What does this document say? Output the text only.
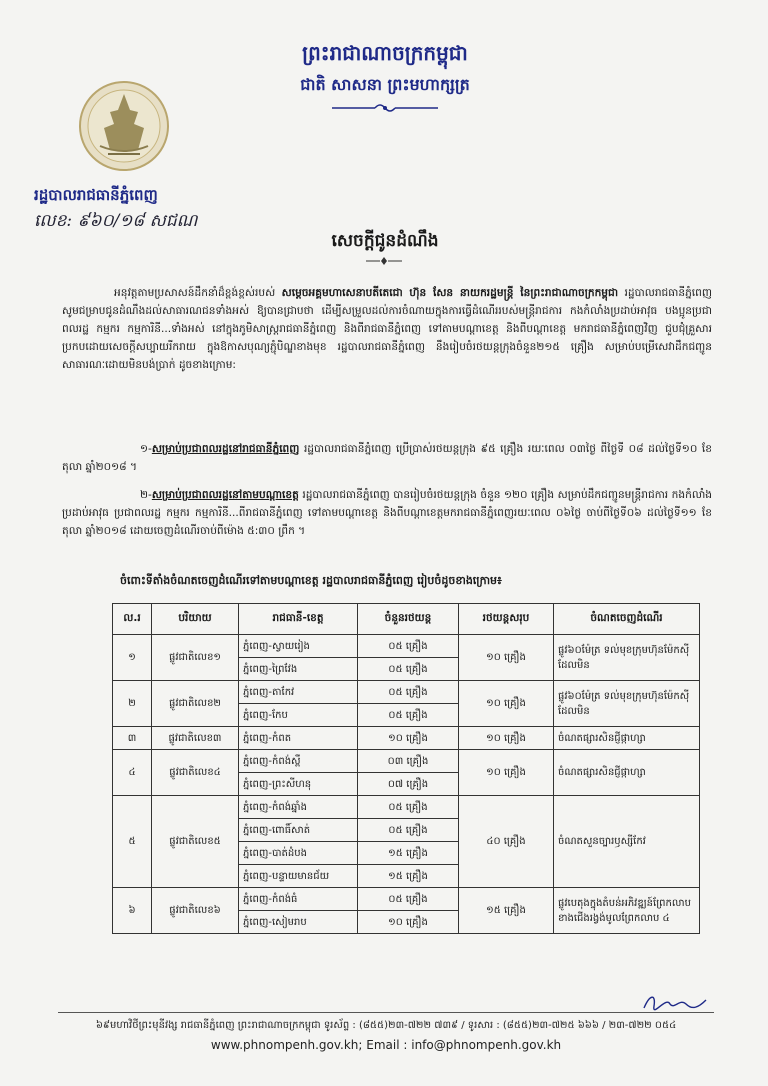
ព្រះរាជាណាចក្រកម្ពុជា
ជាតិ សាសនា ព្រះមហាក្សត្រ
រដ្ឋបាលរាជធានីភ្នំពេញ
លេខ: ៩៦០/១៨ សជណ
សេចក្ដីជូនដំណឹង
អនុវត្តតាមប្រសាសន៍ដឹកនាំដ៏ខ្ពង់ខ្ពស់របស់ សម្ដេចអគ្គមហាសេនាបតីតេជោ ហ៊ុន សែន នាយករដ្ឋមន្ត្រី នៃព្រះរាជាណាចក្រកម្ពុជា រដ្ឋបាលរាជធានីភ្នំពេញ សូមជម្រាបជូនដំណឹងដល់សាធារណជនទាំងអស់ ឱ្យបានជ្រាបថា ដើម្បីសម្រួលដល់ការចំណាយក្នុងការធ្វើដំណើររបស់មន្ត្រីរាជការ កងកំលាំងប្រដាប់អាវុធ បងប្អូនប្រជាពលរដ្ឋ កម្មករ កម្មការិនី...ទាំងអស់ នៅក្នុងភូមិសាស្ត្ររាជធានីភ្នំពេញ និងពីរាជធានីភ្នំពេញ ទៅតាមបណ្ដាខេត្ត និងពីបណ្ដាខេត្ត មករាជធានីភ្នំពេញវិញ ជួបជុំគ្រួសារប្រកបដោយសេចក្ដីសប្បាយរីករាយ ក្នុងឱកាសបុណ្យភ្ជុំបិណ្ឌខាងមុខ រដ្ឋបាលរាជធានីភ្នំពេញ នឹងរៀបចំរថយន្តក្រុងចំនួន២១៥ គ្រឿង សម្រាប់បម្រើសេវាដឹកជញ្ជូនសាធារណៈដោយមិនបង់ប្រាក់ ដូចខាងក្រោម:
១-សម្រាប់ប្រជាពលរដ្ឋនៅរាជធានីភ្នំពេញ រដ្ឋបាលរាជធានីភ្នំពេញ ប្រើប្រាស់រថយន្តក្រុង ៩៥ គ្រឿង រយៈពេល ០៣ថ្ងៃ ពីថ្ងៃទី ០៨ ដល់ថ្ងៃទី១០ ខែតុលា ឆ្នាំ២០១៨ ។
២-សម្រាប់ប្រជាពលរដ្ឋនៅតាមបណ្ដាខេត្ត រដ្ឋបាលរាជធានីភ្នំពេញ បានរៀបចំរថយន្តក្រុង ចំនួន ១២០ គ្រឿង សម្រាប់ដឹកជញ្ជូនមន្ត្រីរាជការ កងកំលាំងប្រដាប់អាវុធ ប្រជាពលរដ្ឋ កម្មករ កម្មការិនី...ពីរាជធានីភ្នំពេញ ទៅតាមបណ្ដាខេត្ត និងពីបណ្ដាខេត្តមករាជធានីភ្នំពេញរយៈពេល ០៦ថ្ងៃ ចាប់ពីថ្ងៃទី០៦ ដល់ថ្ងៃទី១១ ខែតុលា ឆ្នាំ២០១៨ ដោយចេញដំណើរចាប់ពីម៉ោង ៥:៣០ ព្រឹក ។
ចំពោះទីតាំងចំណតចេញដំណើរទៅតាមបណ្ដាខេត្ត រដ្ឋបាលរាជធានីភ្នំពេញ រៀបចំដូចខាងក្រោម៖
ល.រ	បរិយាយ	រាជធានី-ខេត្ត	ចំនួនរថយន្ត	រថយន្តសរុប	ចំណតចេញដំណើរ
១	ផ្លូវជាតិលេខ១	ភ្នំពេញ-ស្វាយរៀង	០៥ គ្រឿង	១០ គ្រឿង	ផ្លូវ៦០ម៉ែត្រ ទល់មុខក្រុមហ៊ុនម៉ែកស៊ីដែលមិន
		ភ្នំពេញ-ព្រៃវែង	០៥ គ្រឿង		
២	ផ្លូវជាតិលេខ២	ភ្នំពេញ-តាកែវ	០៥ គ្រឿង	១០ គ្រឿង	ផ្លូវ៦០ម៉ែត្រ ទល់មុខក្រុមហ៊ុនម៉ែកស៊ីដែលមិន
		ភ្នំពេញ-កែប	០៥ គ្រឿង		
៣	ផ្លូវជាតិលេខ៣	ភ្នំពេញ-កំពត	១០ គ្រឿង	១០ គ្រឿង	ចំណតផ្សារសិនជ្ញីផ្កាហ្សា
៤	ផ្លូវជាតិលេខ៤	ភ្នំពេញ-កំពង់ស្ពឺ	០៣ គ្រឿង	១០ គ្រឿង	ចំណតផ្សារសិនជ្ញីផ្កាហ្សា
		ភ្នំពេញ-ព្រះសីហនុ	០៧ គ្រឿង		
៥	ផ្លូវជាតិលេខ៥	ភ្នំពេញ-កំពង់ឆ្នាំង	០៥ គ្រឿង	៤០ គ្រឿង	ចំណតសួនច្បារឫស្សីកែវ
		ភ្នំពេញ-ពោធិ៍សាត់	០៥ គ្រឿង		
		ភ្នំពេញ-បាត់ដំបង	១៥ គ្រឿង		
		ភ្នំពេញ-បន្ទាយមានជ័យ	១៥ គ្រឿង		
៦	ផ្លូវជាតិលេខ៦	ភ្នំពេញ-កំពង់ធំ	០៥ គ្រឿង	១៥ គ្រឿង	ផ្លូវបេតុងក្នុងតំបន់អភិវឌ្ឍន៍ព្រែកលាប ខាងជើងរង្វង់មូលព្រែកលាប ៤
		ភ្នំពេញ-សៀមរាប	១០ គ្រឿង		
៦៩មហាវិថីព្រះមុនីវង្ស រាជធានីភ្នំពេញ ព្រះរាជាណាចក្រកម្ពុជា ទូរស័ព្ទ : (៨៥៥)២៣-៧២២ ៧៣៩ / ទូរសារ : (៨៥៥)២៣-៧២៥ ៦៦៦ / ២៣-៧២២ ០៥៤
www.phnompenh.gov.kh; Email : info@phnompenh.gov.kh
